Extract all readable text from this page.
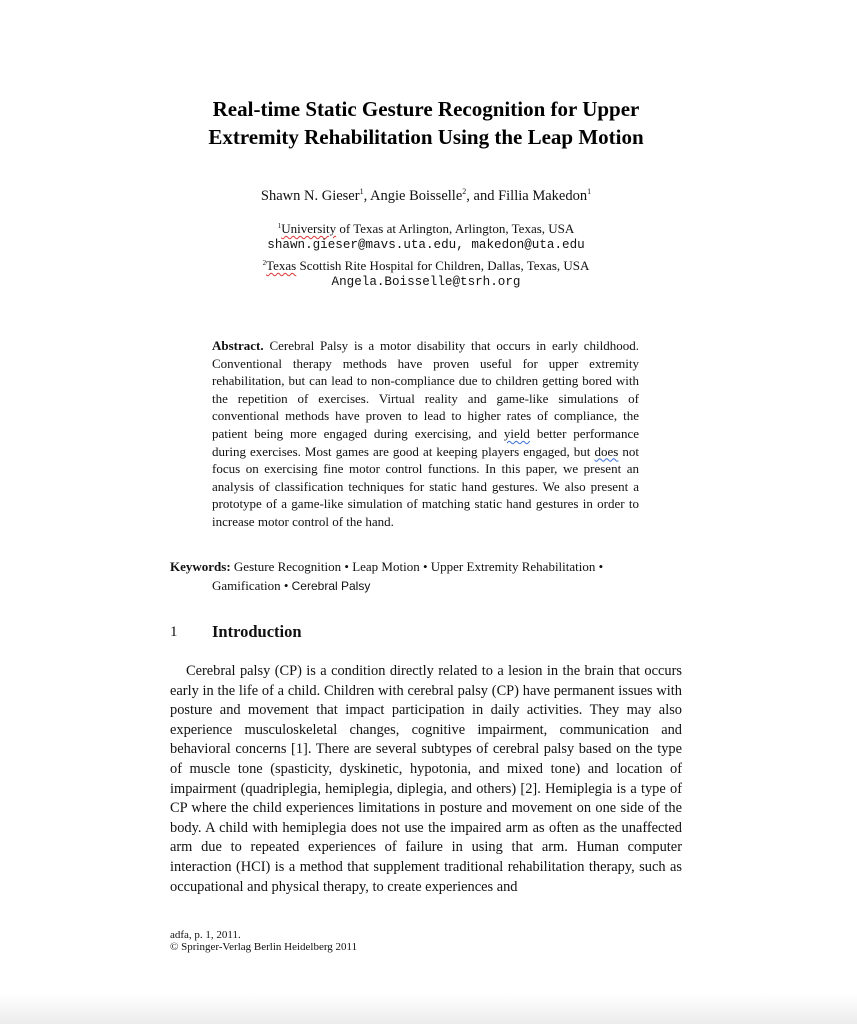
Real-time Static Gesture Recognition for Upper
Extremity Rehabilitation Using the Leap Motion
Shawn N. Gieser$^1$, Angie Boisselle$^2$, and Fillia Makedon$^1$
$^1$University of Texas at Arlington, Arlington, Texas, USA
shawn.gieser@mavs.uta.edu, makedon@uta.edu
$^2$Texas Scottish Rite Hospital for Children, Dallas, Texas, USA
Angela.Boisselle@tsrh.org
Abstract. Cerebral Palsy is a motor disability that occurs in early childhood. Conventional therapy methods have proven useful for upper extremity rehabilitation, but can lead to non-compliance due to children getting bored with the repetition of exercises. Virtual reality and game-like simulations of conventional methods have proven to lead to higher rates of compliance, the patient being more engaged during exercising, and yield better performance during exercises. Most games are good at keeping players engaged, but does not focus on exercising fine motor control functions. In this paper, we present an analysis of classification techniques for static hand gestures. We also present a prototype of a game-like simulation of matching static hand gestures in order to increase motor control of the hand.
Keywords: Gesture Recognition • Leap Motion • Upper Extremity Rehabilitation •
Gamification • Cerebral Palsy
1 Introduction
Cerebral palsy (CP) is a condition directly related to a lesion in the brain that occurs early in the life of a child. Children with cerebral palsy (CP) have permanent issues with posture and movement that impact participation in daily activities. They may also experience musculoskeletal changes, cognitive impairment, communication and behavioral concerns [1]. There are several subtypes of cerebral palsy based on the type of muscle tone (spasticity, dyskinetic, hypotonia, and mixed tone) and location of impairment (quadriplegia, hemiplegia, diplegia, and others) [2]. Hemiplegia is a type of CP where the child experiences limitations in posture and movement on one side of the body. A child with hemiplegia does not use the impaired arm as often as the unaffected arm due to repeated experiences of failure in using that arm. Human computer interaction (HCI) is a method that supplement traditional rehabilitation therapy, such as occupational and physical therapy, to create experiences and
adfa, p. 1, 2011.
© Springer-Verlag Berlin Heidelberg 2011
